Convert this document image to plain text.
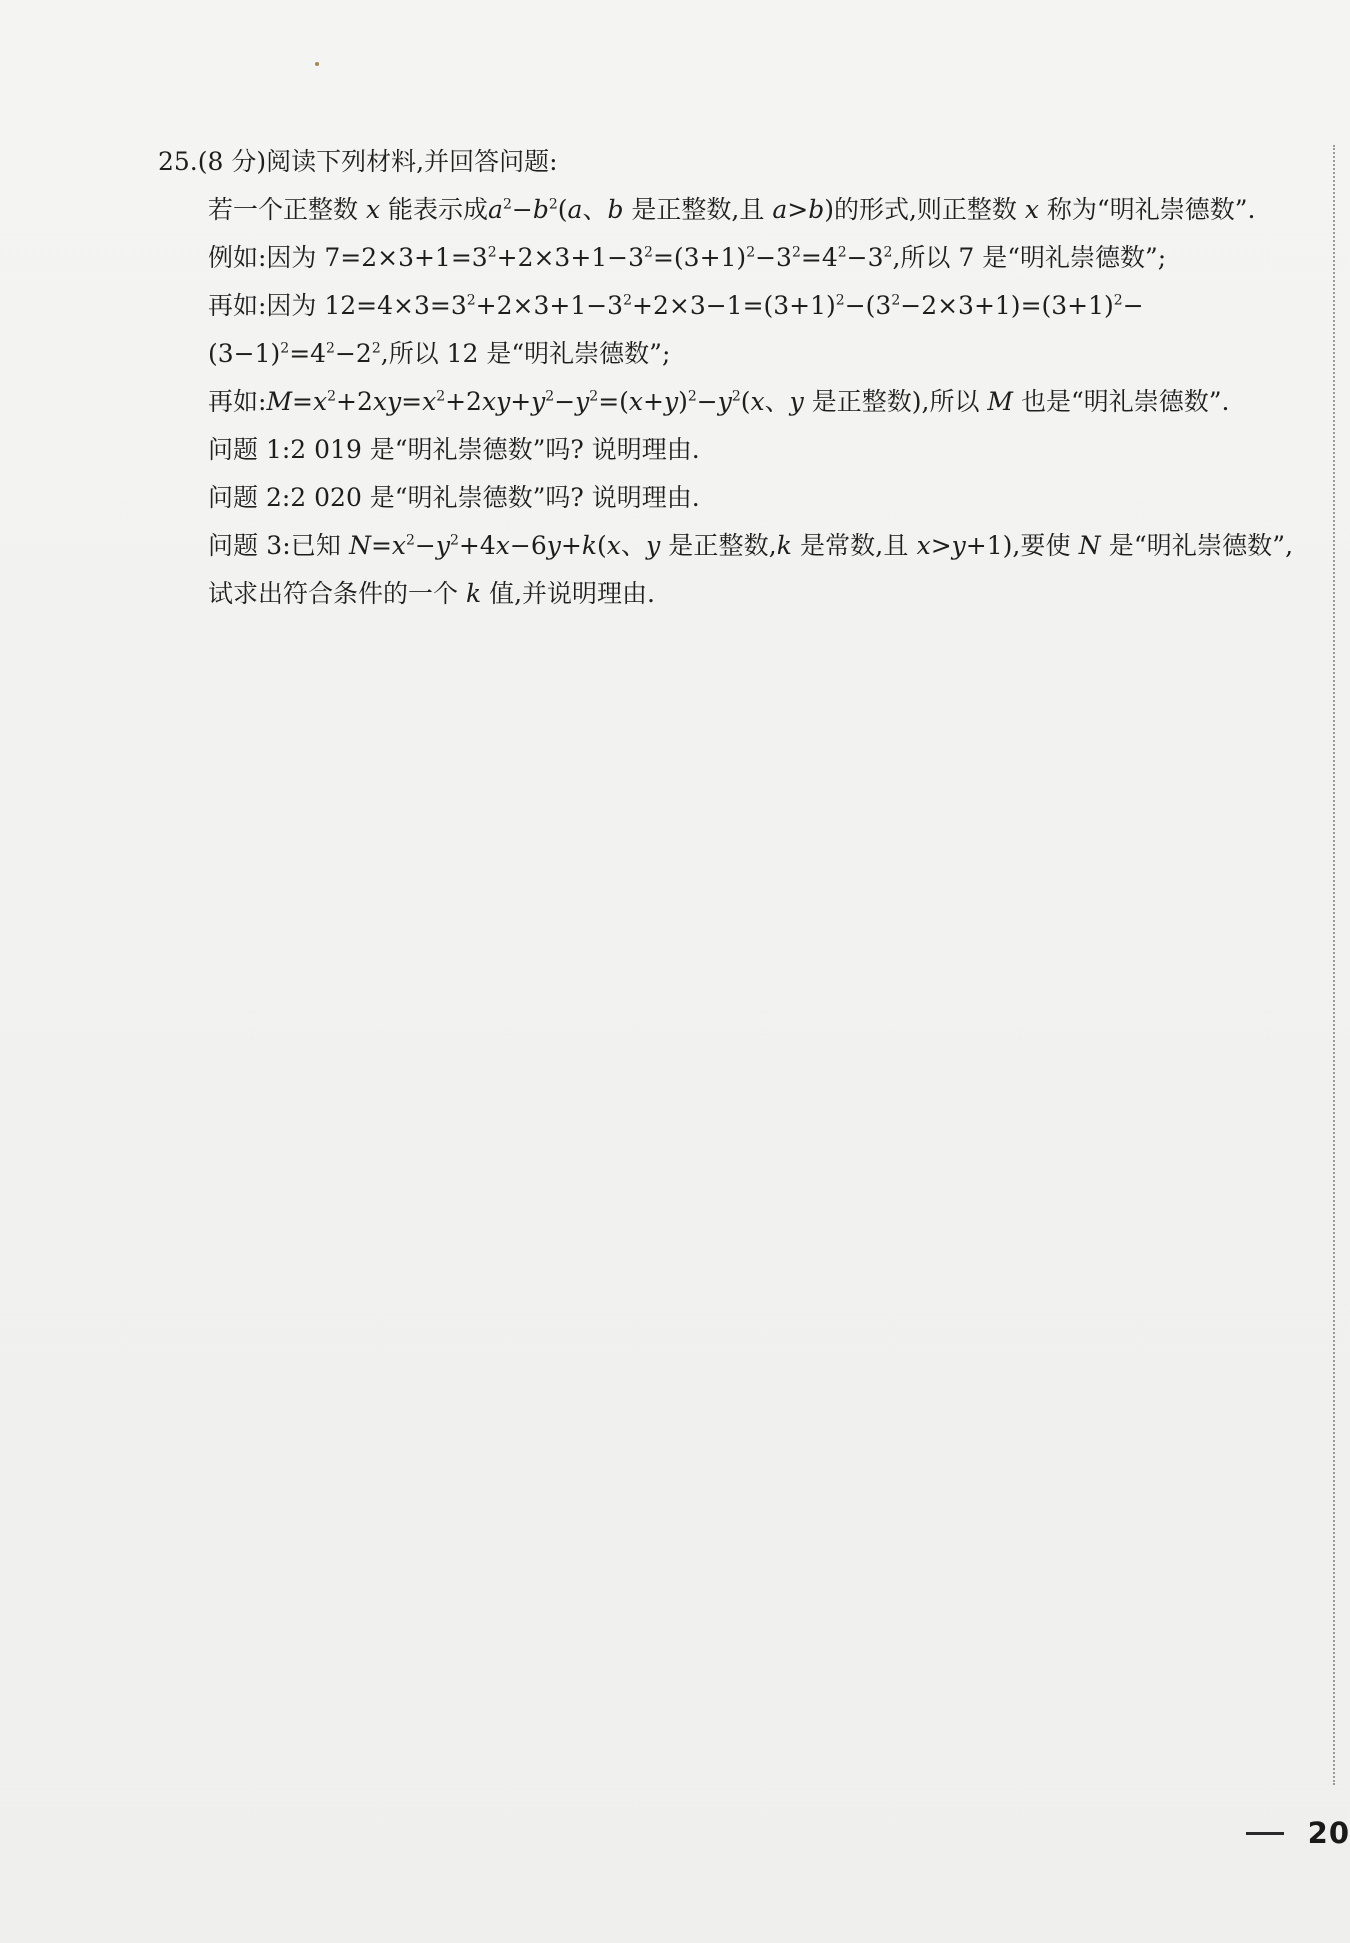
25.(8 分)阅读下列材料,并回答问题:
若一个正整数 x 能表示成$a^2-b^2(a$、b 是正整数,且 a>b)的形式,则正整数 x 称为“明礼崇德数”.
例如:因为 $7=2\times 3+1=3^2+2\times 3+1-3^2=(3+1)^2-3^2=4^2-3^2$,所以 7 是“明礼崇德数”;
再如:因为 $12=4\times 3=3^2+2\times 3+1-3^2+2\times 3-1=(3+1)^2-(3^2-2\times 3+1)=(3+1)^2-$
$(3-1)^2=4^2-2^2$,所以 12 是“明礼崇德数”;
再如$:M=x^2+2xy=x^2+2xy+y^2-y^2=(x+y)^2-y^2(x$、y 是正整数),所以 M 也是“明礼崇德数”.
问题 1:2 019 是“明礼崇德数”吗? 说明理由.
问题 2:2 020 是“明礼崇德数”吗? 说明理由.
问题 3:已知 $N=x^2-y^2+4x-6y+k(x$、y 是正整数,k 是常数,且 x>y+1),要使 N 是“明礼崇德数”,试求出符合条件的一个 k 值,并说明理由.
20
